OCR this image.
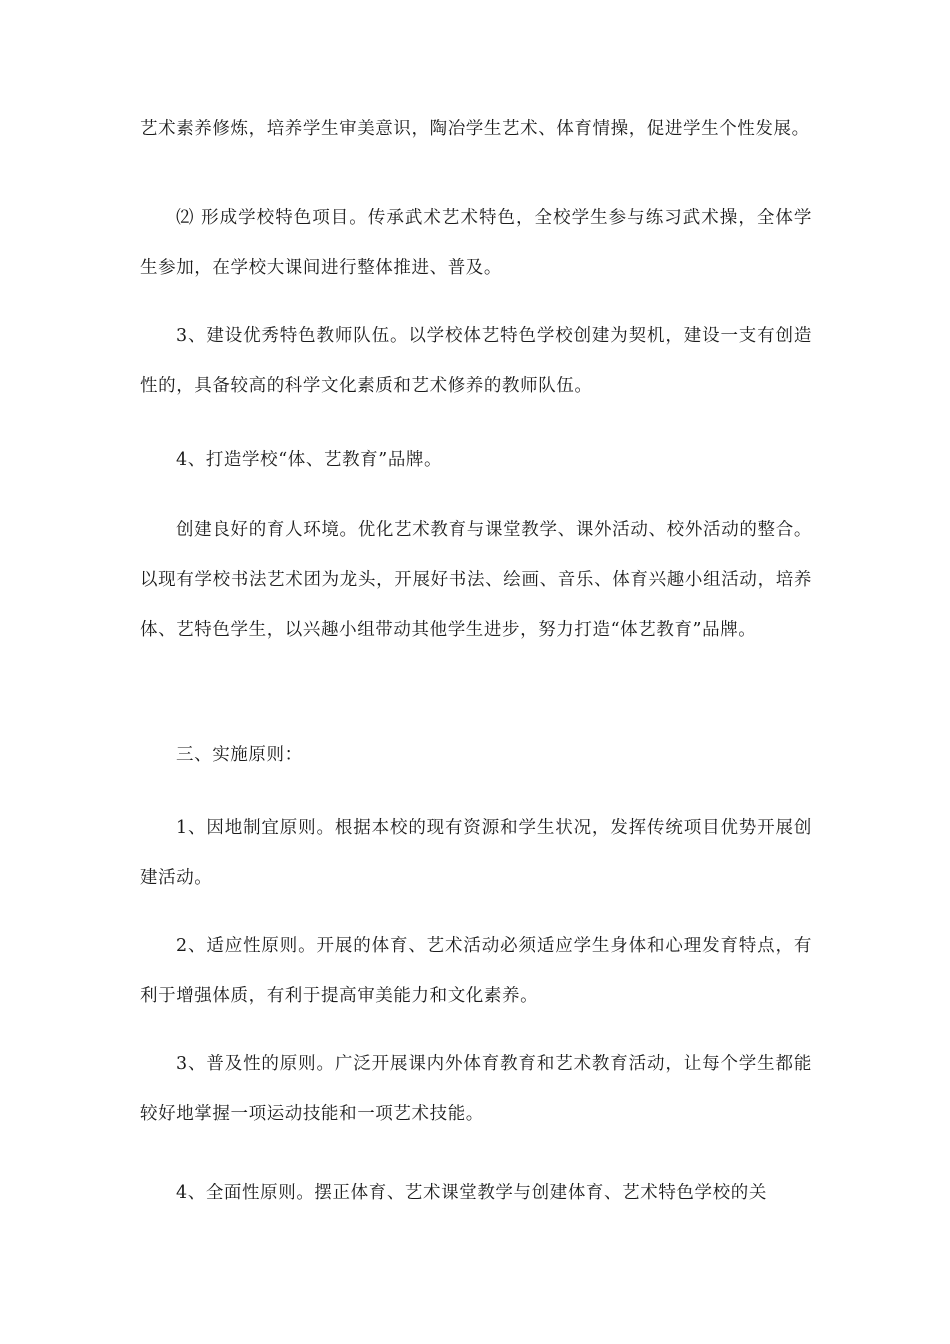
艺术素养修炼，培养学生审美意识，陶冶学生艺术、体育情操，促进学生个性发展。

⑵ 形成学校特色项目。传承武术艺术特色，全校学生参与练习武术操，全体学生参加，在学校大课间进行整体推进、普及。

3、建设优秀特色教师队伍。以学校体艺特色学校创建为契机，建设一支有创造性的，具备较高的科学文化素质和艺术修养的教师队伍。

4、打造学校“体、艺教育”品牌。

创建良好的育人环境。优化艺术教育与课堂教学、课外活动、校外活动的整合。以现有学校书法艺术团为龙头，开展好书法、绘画、音乐、体育兴趣小组活动，培养体、艺特色学生，以兴趣小组带动其他学生进步，努力打造“体艺教育”品牌。

三、实施原则：

1、因地制宜原则。根据本校的现有资源和学生状况，发挥传统项目优势开展创建活动。

2、适应性原则。开展的体育、艺术活动必须适应学生身体和心理发育特点，有利于增强体质，有利于提高审美能力和文化素养。

3、普及性的原则。广泛开展课内外体育教育和艺术教育活动，让每个学生都能较好地掌握一项运动技能和一项艺术技能。

4、全面性原则。摆正体育、艺术课堂教学与创建体育、艺术特色学校的关
